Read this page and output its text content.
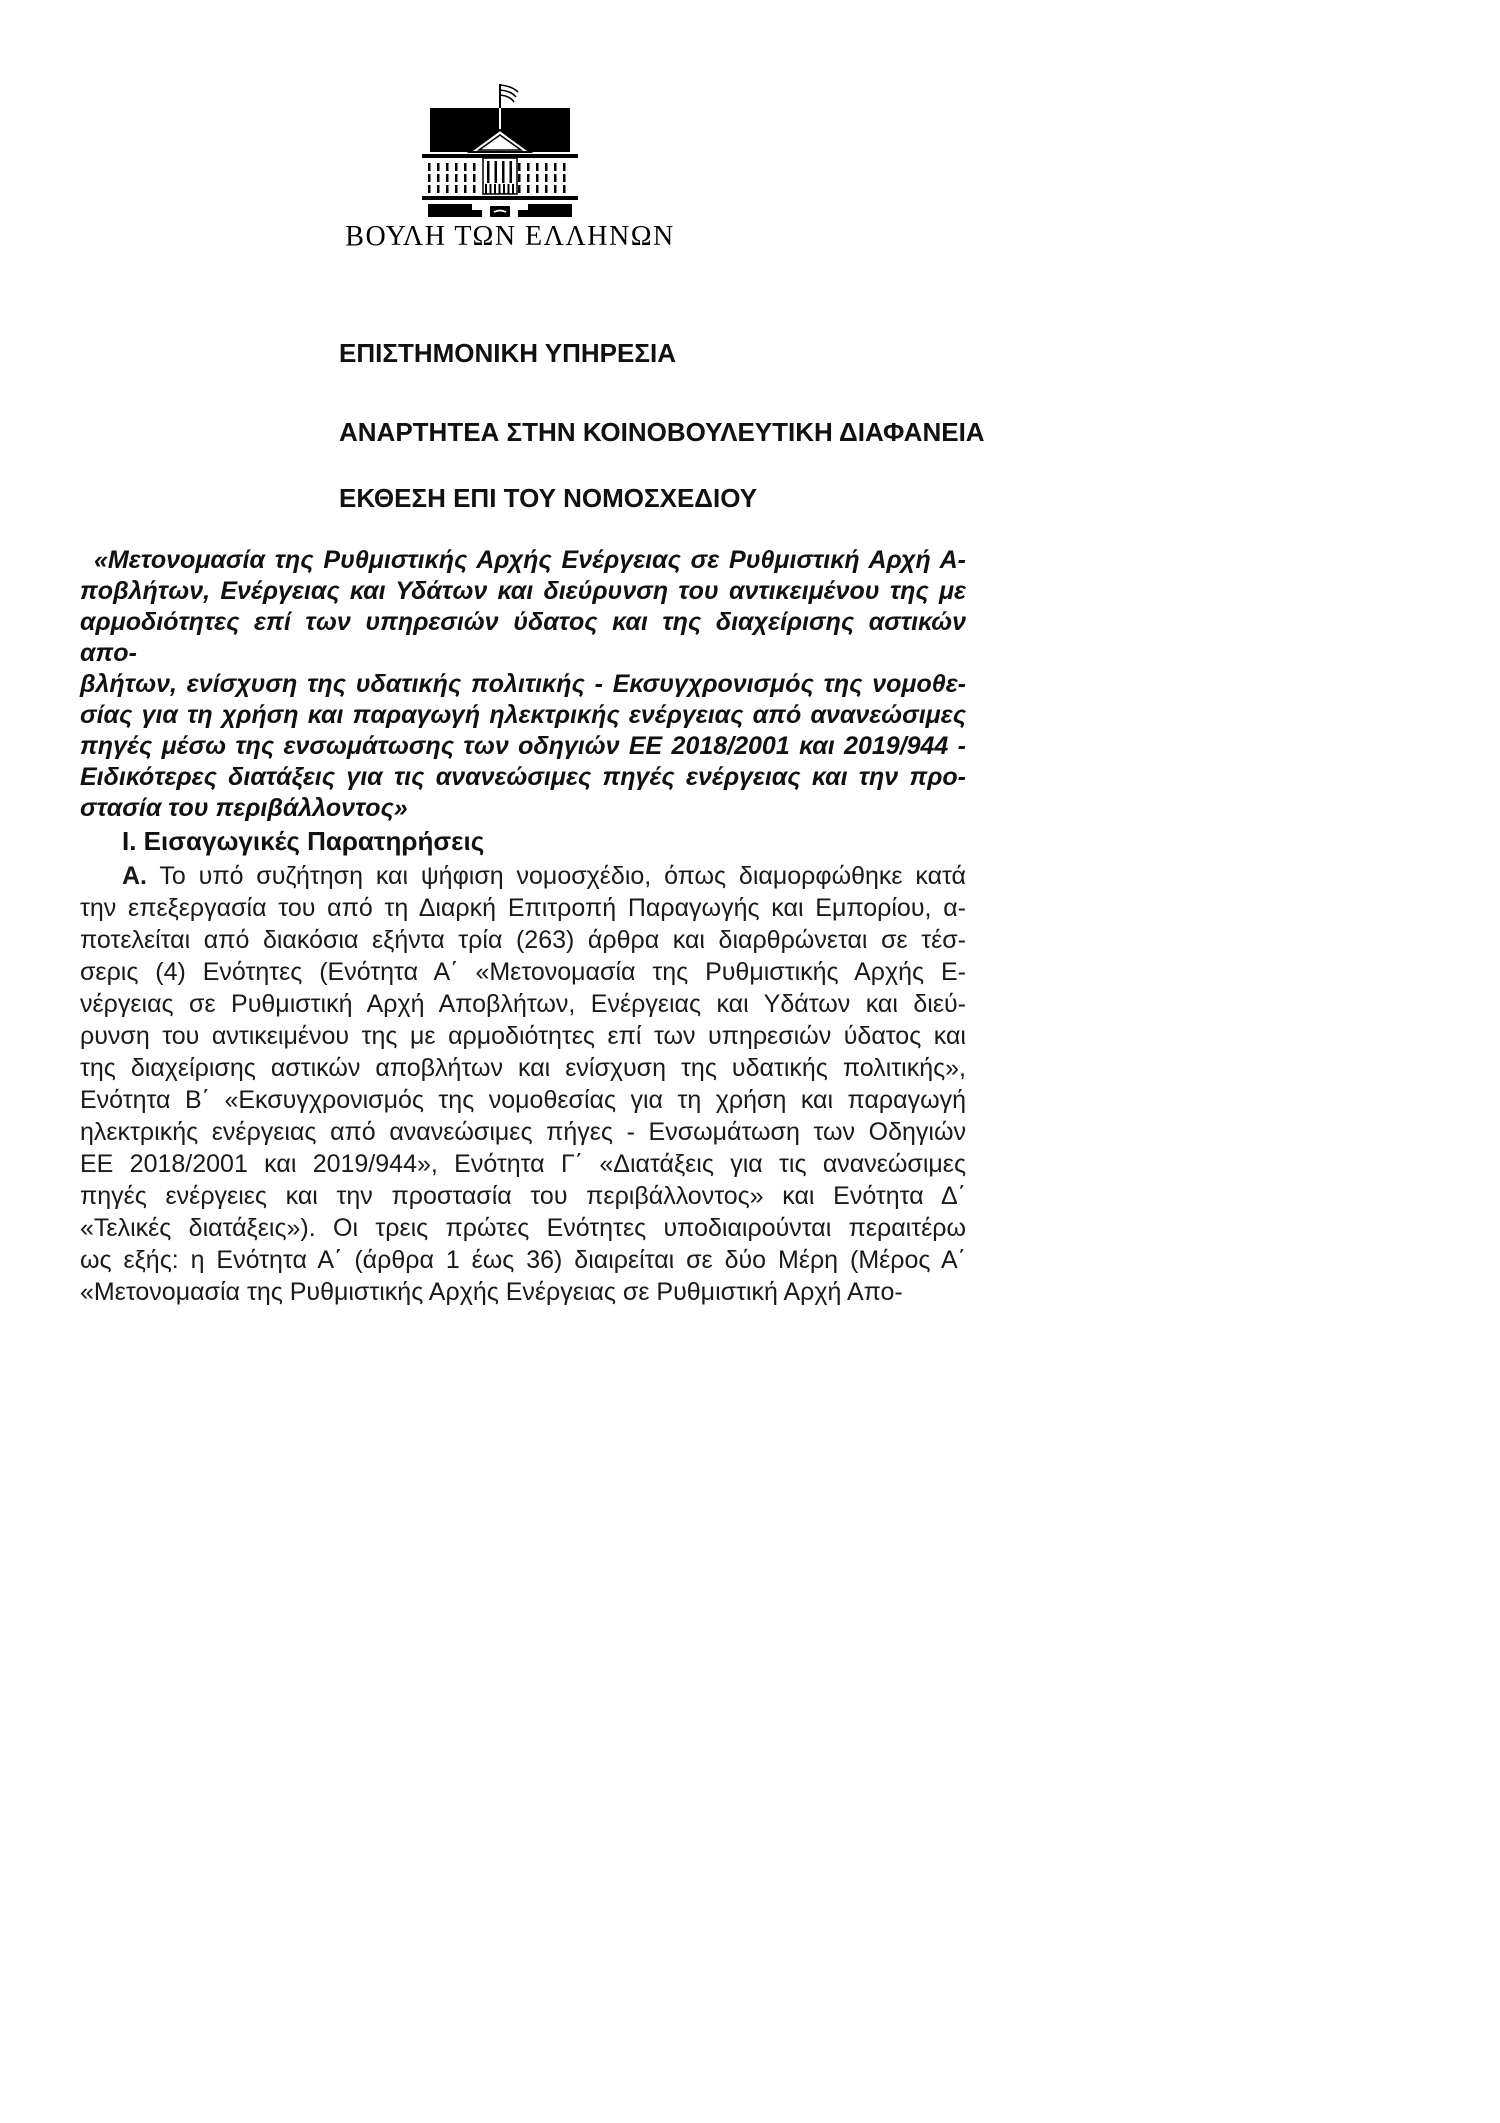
ΒΟΥΛΗ ΤΩΝ ΕΛΛΗΝΩΝ
ΕΠΙΣΤΗΜΟΝΙΚΗ ΥΠΗΡΕΣΙΑ
ΑΝΑΡΤΗΤΕΑ ΣΤΗΝ ΚΟΙΝΟΒΟΥΛΕΥΤΙΚΗ ΔΙΑΦΑΝΕΙΑ
ΕΚΘΕΣΗ ΕΠΙ ΤΟΥ ΝΟΜΟΣΧΕΔΙΟΥ
«Μετονομασία της Ρυθμιστικής Αρχής Ενέργειας σε Ρυθμιστική Αρχή Α-
ποβλήτων, Ενέργειας και Υδάτων και διεύρυνση του αντικειμένου της με
αρμοδιότητες επί των υπηρεσιών ύδατος και της διαχείρισης αστικών απο-
βλήτων, ενίσχυση της υδατικής πολιτικής - Εκσυγχρονισμός της νομοθε-
σίας για τη χρήση και παραγωγή ηλεκτρικής ενέργειας από ανανεώσιμες
πηγές μέσω της ενσωμάτωσης των οδηγιών ΕΕ 2018/2001 και 2019/944 -
Ειδικότερες διατάξεις για τις ανανεώσιμες πηγές ενέργειας και την προ-
στασία του περιβάλλοντος»
Ι. Εισαγωγικές Παρατηρήσεις
Α. Το υπό συζήτηση και ψήφιση νομοσχέδιο, όπως διαμορφώθηκε κατά
την επεξεργασία του από τη Διαρκή Επιτροπή Παραγωγής και Εμπορίου, α-
ποτελείται από διακόσια εξήντα τρία (263) άρθρα και διαρθρώνεται σε τέσ-
σερις (4) Ενότητες (Ενότητα Α΄ «Μετονομασία της Ρυθμιστικής Αρχής Ε-
νέργειας σε Ρυθμιστική Αρχή Αποβλήτων, Ενέργειας και Υδάτων και διεύ-
ρυνση του αντικειμένου της με αρμοδιότητες επί των υπηρεσιών ύδατος και
της διαχείρισης αστικών αποβλήτων και ενίσχυση της υδατικής πολιτικής»,
Ενότητα Β΄ «Εκσυγχρονισμός της νομοθεσίας για τη χρήση και παραγωγή
ηλεκτρικής ενέργειας από ανανεώσιμες πήγες - Ενσωμάτωση των Οδηγιών
ΕΕ 2018/2001 και 2019/944», Ενότητα Γ΄ «Διατάξεις για τις ανανεώσιμες
πηγές ενέργειες και την προστασία του περιβάλλοντος» και Ενότητα Δ΄
«Τελικές διατάξεις»). Οι τρεις πρώτες Ενότητες υποδιαιρούνται περαιτέρω
ως εξής: η Ενότητα Α΄ (άρθρα 1 έως 36) διαιρείται σε δύο Μέρη (Μέρος Α΄
«Μετονομασία της Ρυθμιστικής Αρχής Ενέργειας σε Ρυθμιστική Αρχή Απο-
